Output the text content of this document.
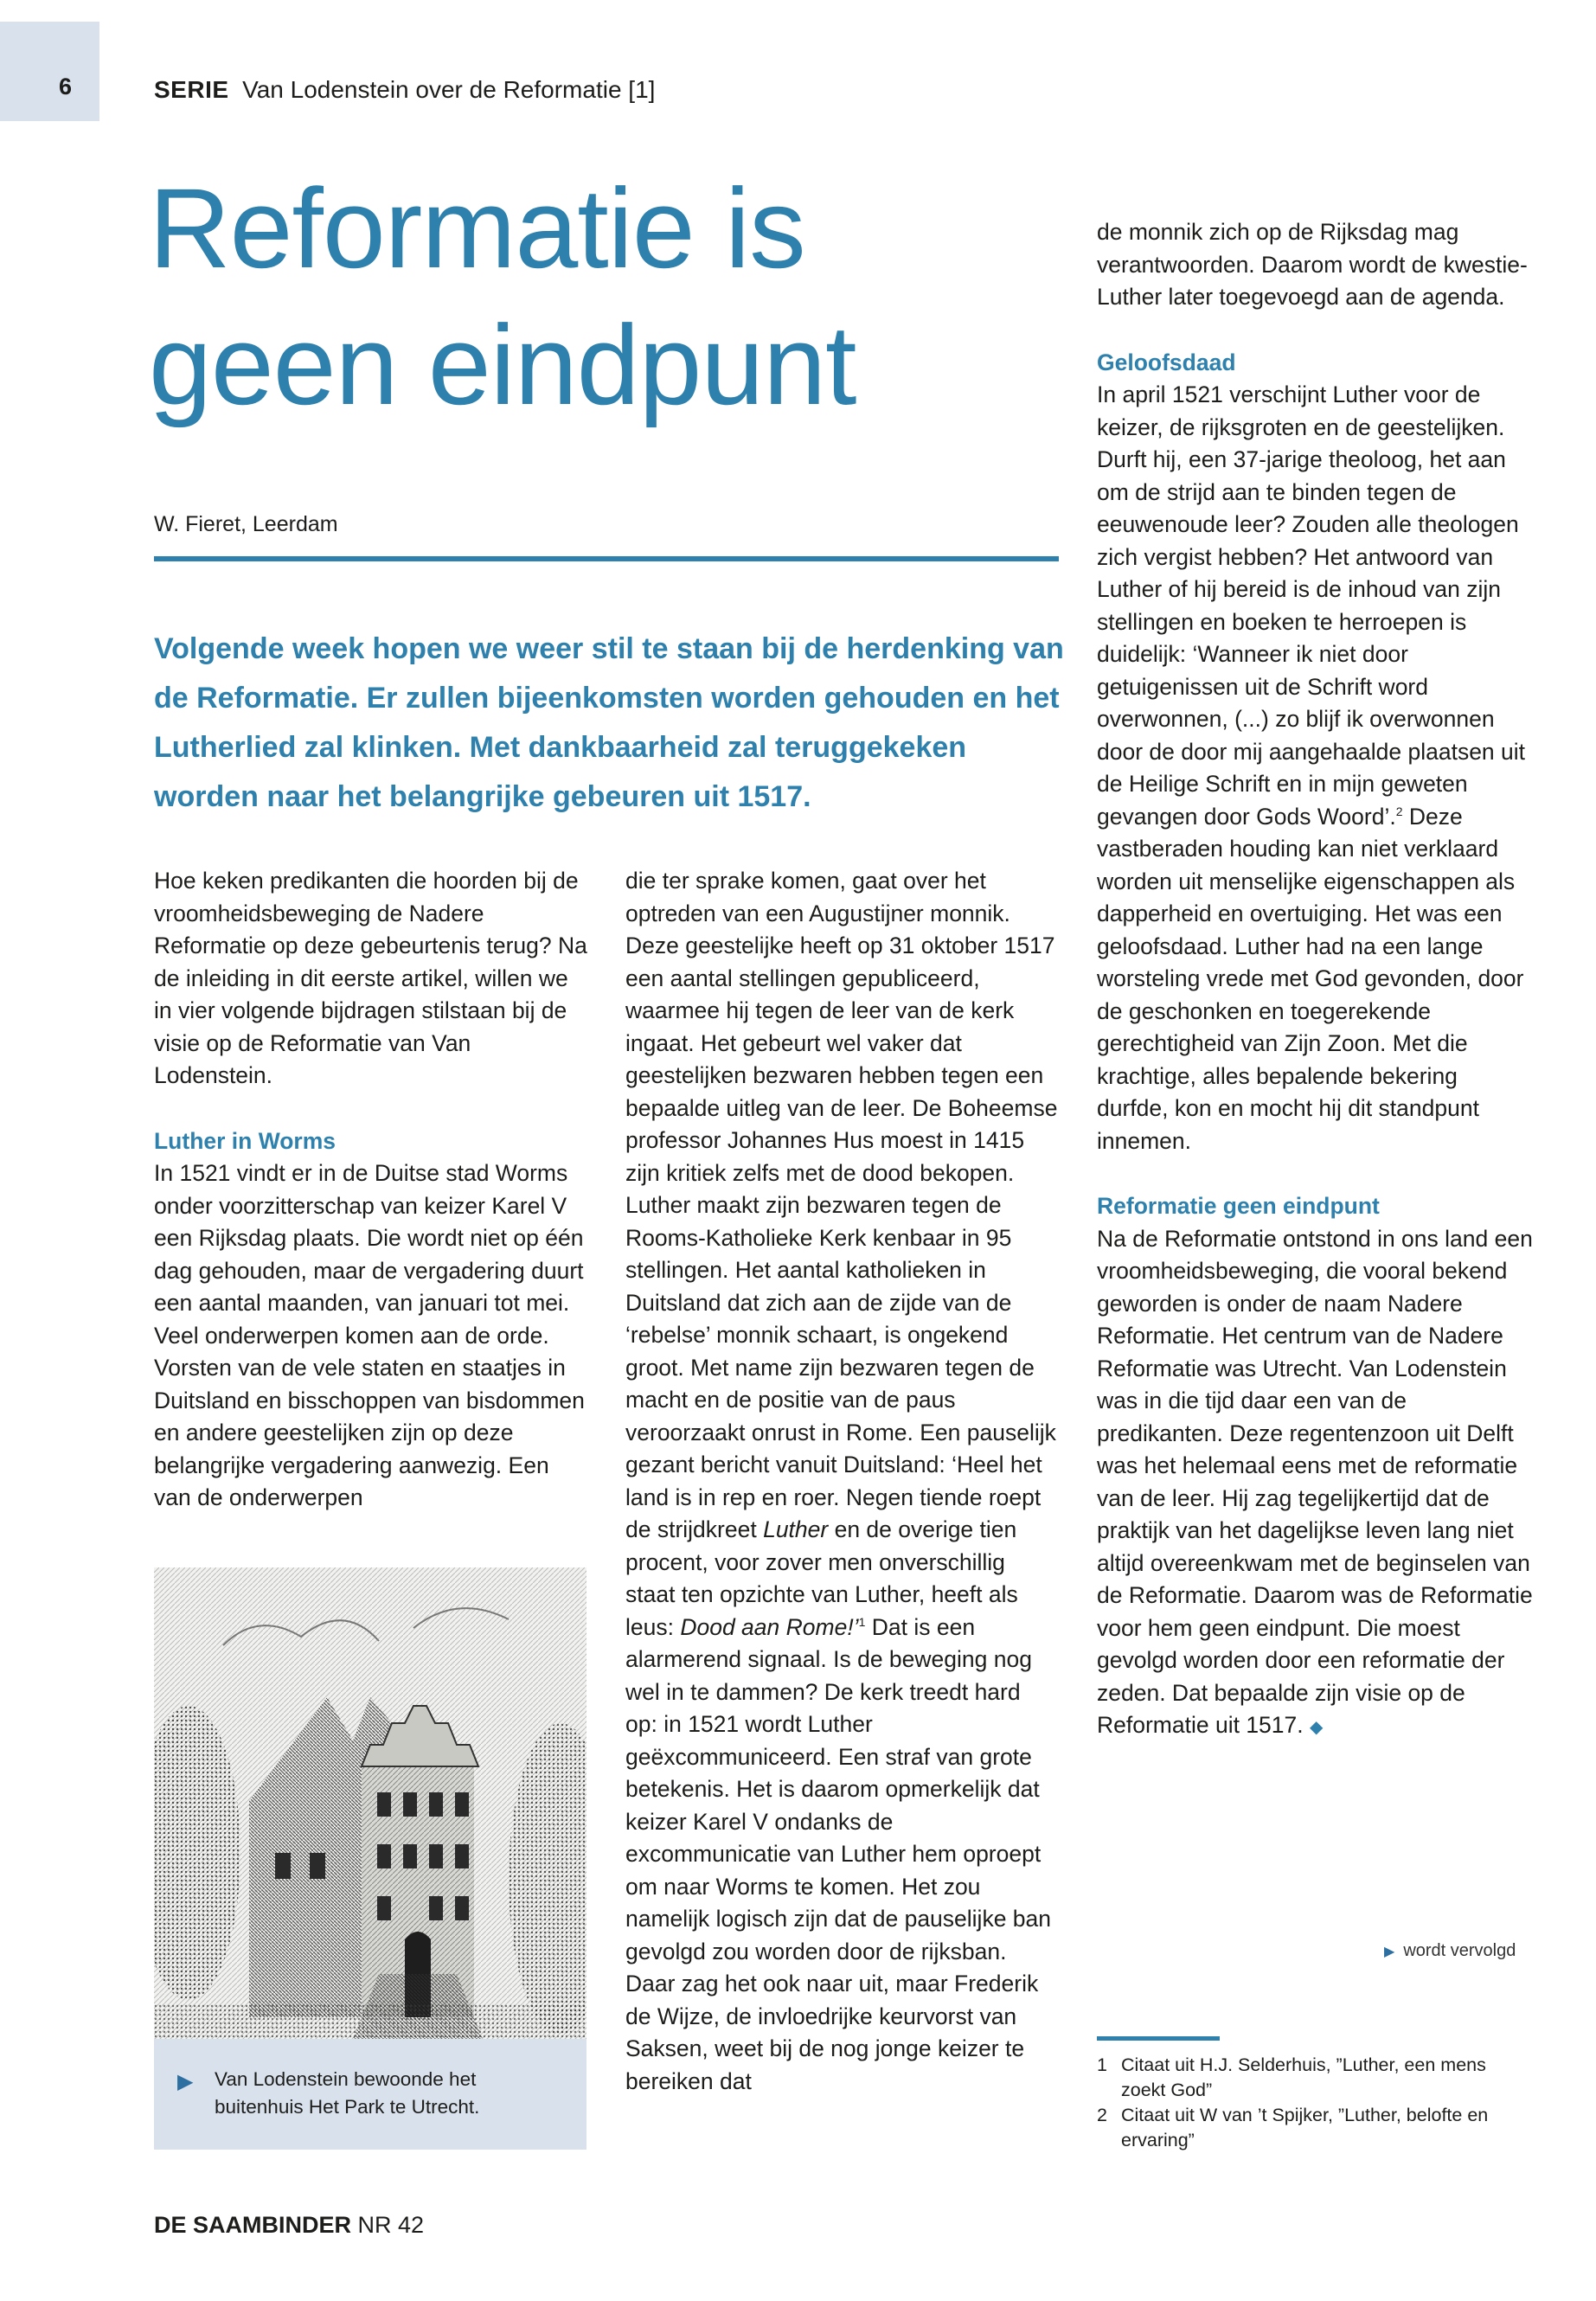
6	SERIE Van Lodenstein over de Reformatie [1]
Reformatie is
geen eindpunt
W. Fieret, Leerdam
Volgende week hopen we weer stil te staan bij de herdenking van de Reformatie. Er zullen bijeenkomsten worden gehouden en het Lutherlied zal klinken. Met dankbaarheid zal teruggekeken worden naar het belangrijke gebeuren uit 1517.

Hoe keken predikanten die hoorden bij de vroomheidsbeweging de Nadere Reformatie op deze gebeurtenis terug? Na de inleiding in dit eerste artikel, willen we in vier volgende bijdragen stilstaan bij de visie op de Reformatie van Van Lodenstein.

Luther in Worms

In 1521 vindt er in de Duitse stad Worms onder voorzitterschap van keizer Karel V een Rijksdag plaats. Die wordt niet op één dag gehouden, maar de vergadering duurt een aantal maanden, van januari tot mei. Veel onderwerpen komen aan de orde. Vorsten van de vele staten en staatjes in Duitsland en bisschoppen van bisdommen en andere geestelijken zijn op deze belangrijke vergadering aanwezig. Een van de onderwerpen

▶ Van Lodenstein bewoonde het buitenhuis Het Park te Utrecht.

die ter sprake komen, gaat over het optreden van een Augustijner monnik. Deze geestelijke heeft op 31 oktober 1517 een aantal stellingen gepubliceerd, waarmee hij tegen de leer van de kerk ingaat. Het gebeurt wel vaker dat geestelijken bezwaren hebben tegen een bepaalde uitleg van de leer. De Boheemse professor Johannes Hus moest in 1415 zijn kritiek zelfs met de dood bekopen.

Luther maakt zijn bezwaren tegen de Rooms-Katholieke Kerk kenbaar in 95 stellingen. Het aantal katholieken in Duitsland dat zich aan de zijde van de ‘rebelse’ monnik schaart, is ongekend groot. Met name zijn bezwaren tegen de macht en de positie van de paus veroorzaakt onrust in Rome. Een pauselijk gezant bericht vanuit Duitsland: ‘Heel het land is in rep en roer. Negen tiende roept de strijdkreet Luther en de overige tien procent, voor zover men onverschillig staat ten opzichte van Luther, heeft als leus: Dood aan Rome!’$^1$ Dat is een alarmerend signaal. Is de beweging nog wel in te dammen? De kerk treedt hard op: in 1521 wordt Luther geëxcommuniceerd. Een straf van grote betekenis. Het is daarom opmerkelijk dat keizer Karel V ondanks de excommunicatie van Luther hem oproept om naar Worms te komen. Het zou namelijk logisch zijn dat de pauselijke ban gevolgd zou worden door de rijksban. Daar zag het ook naar uit, maar Frederik de Wijze, de invloedrijke keurvorst van Saksen, weet bij de nog jonge keizer te bereiken dat

de monnik zich op de Rijksdag mag verantwoorden. Daarom wordt de kwestie-Luther later toegevoegd aan de agenda.

Geloofsdaad

In april 1521 verschijnt Luther voor de keizer, de rijksgroten en de geestelijken. Durft hij, een 37-jarige theoloog, het aan om de strijd aan te binden tegen de eeuwenoude leer? Zouden alle theologen zich vergist hebben? Het antwoord van Luther of hij bereid is de inhoud van zijn stellingen en boeken te herroepen is duidelijk: ‘Wanneer ik niet door getuigenissen uit de Schrift word overwonnen, (...) zo blijf ik overwonnen door de door mij aangehaalde plaatsen uit de Heilige Schrift en in mijn geweten gevangen door Gods Woord’.$^2$ Deze vastberaden houding kan niet verklaard worden uit menselijke eigenschappen als dapperheid en overtuiging. Het was een geloofsdaad. Luther had na een lange worsteling vrede met God gevonden, door de geschonken en toegerekende gerechtigheid van Zijn Zoon. Met die krachtige, alles bepalende bekering durfde, kon en mocht hij dit standpunt innemen.

Reformatie geen eindpunt

Na de Reformatie ontstond in ons land een vroomheidsbeweging, die vooral bekend geworden is onder de naam Nadere Reformatie. Het centrum van de Nadere Reformatie was Utrecht. Van Lodenstein was in die tijd daar een van de predikanten. Deze regentenzoon uit Delft was het helemaal eens met de reformatie van de leer. Hij zag tegelijkertijd dat de praktijk van het dagelijkse leven lang niet altijd overeenkwam met de beginselen van de Reformatie. Daarom was de Reformatie voor hem geen eindpunt. Die moest gevolgd worden door een reformatie der zeden. Dat bepaalde zijn visie op de Reformatie uit 1517. ◆

▶ wordt vervolgd
1 Citaat uit H.J. Selderhuis, ”Luther, een mens zoekt God”
2 Citaat uit W van ’t Spijker, ”Luther, belofte en ervaring”
DE SAAMBINDER NR 42
